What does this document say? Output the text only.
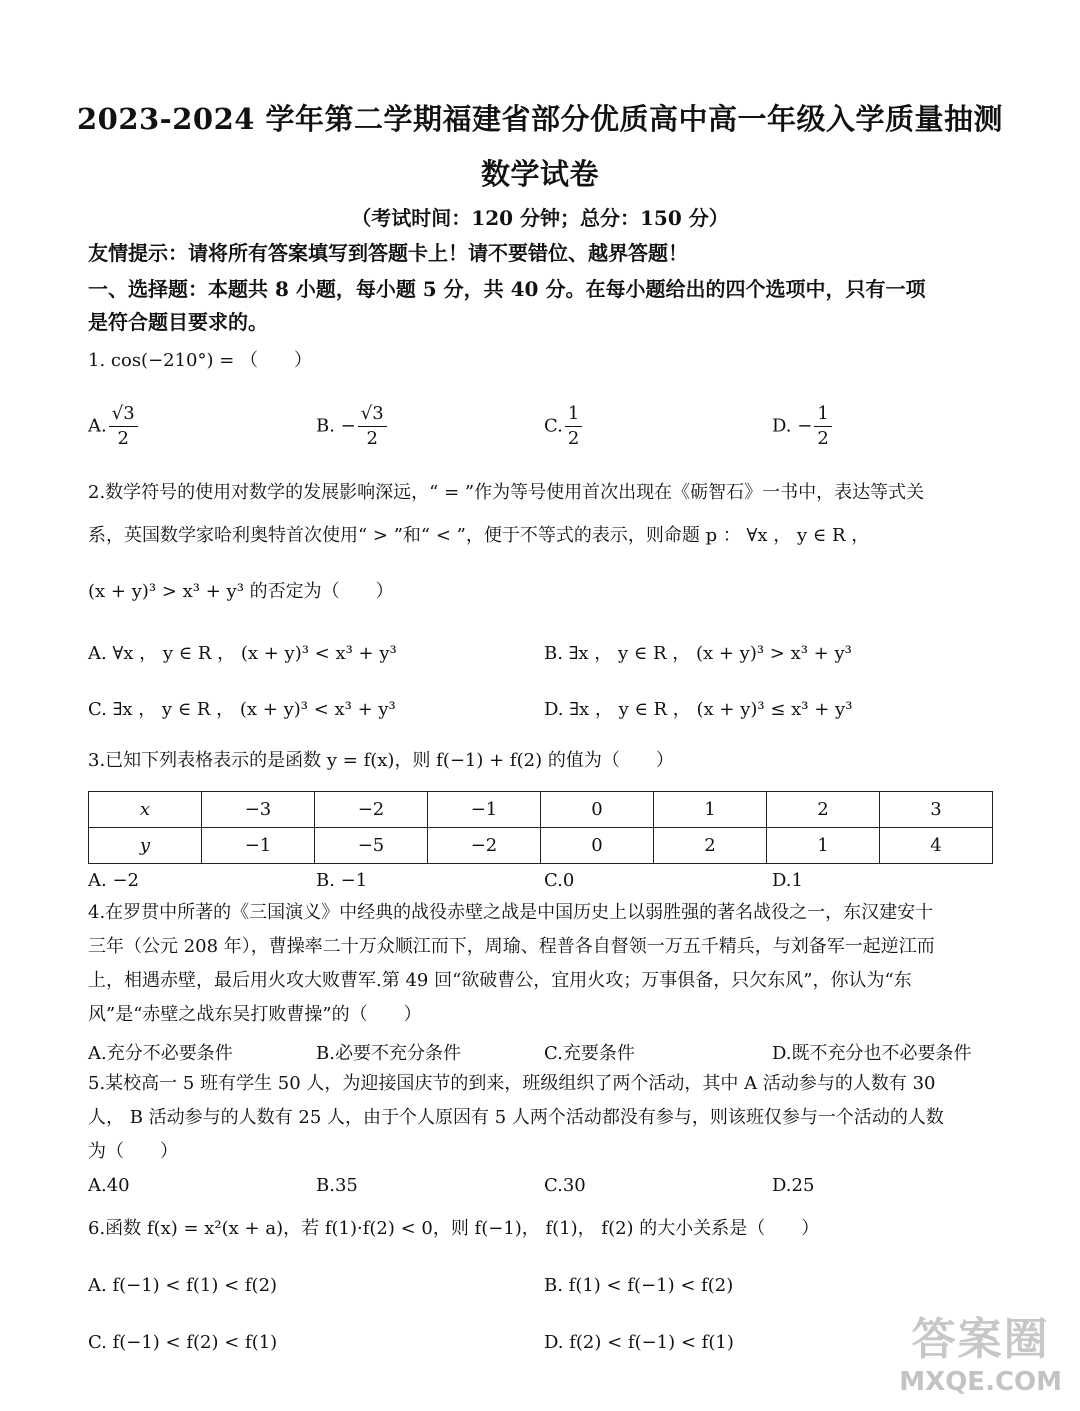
2023-2024 学年第二学期福建省部分优质高中高一年级入学质量抽测
数学试卷
（考试时间：120 分钟；总分：150 分）
友情提示：请将所有答案填写到答题卡上！请不要错位、越界答题！
一、选择题：本题共 8 小题，每小题 5 分，共 40 分。在每小题给出的四个选项中，只有一项
是符合题目要求的。
1. cos(−210°) = （　　）
A. $\frac{√3}{2}$	B. − $\frac{√3}{2}$	C. $\frac{1}{2}$	D. − $\frac{1}{2}$
2.数学符号的使用对数学的发展影响深远，“ = ”作为等号使用首次出现在《砺智石》一书中，表达等式关
系，英国数学家哈利奥特首次使用“ > ”和“ < ”，便于不等式的表示，则命题 p ： ∀x ， y ∈ R ，
(x + y)³ > x³ + y³ 的否定为（　　）
A. ∀x ， y ∈ R ， (x + y)³ < x³ + y³	B. ∃x ， y ∈ R ， (x + y)³ > x³ + y³
C. ∃x ， y ∈ R ， (x + y)³ < x³ + y³	D. ∃x ， y ∈ R ， (x + y)³ ≤ x³ + y³
3.已知下列表格表示的是函数 y = f(x)，则 f(−1) + f(2) 的值为（　　）
x	−3	−2	−1	0	1	2	3
y	−1	−5	−2	0	2	1	4
A. −2	B. −1	C.0	D.1
4.在罗贯中所著的《三国演义》中经典的战役赤壁之战是中国历史上以弱胜强的著名战役之一，东汉建安十
三年（公元 208 年），曹操率二十万众顺江而下，周瑜、程普各自督领一万五千精兵，与刘备军一起逆江而
上，相遇赤壁，最后用火攻大败曹军.第 49 回“欲破曹公，宜用火攻；万事俱备，只欠东风”，你认为“东
风”是“赤壁之战东吴打败曹操”的（　　）
A.充分不必要条件	B.必要不充分条件	C.充要条件	D.既不充分也不必要条件
5.某校高一 5 班有学生 50 人，为迎接国庆节的到来，班级组织了两个活动，其中 A 活动参与的人数有 30
人， B 活动参与的人数有 25 人，由于个人原因有 5 人两个活动都没有参与，则该班仅参与一个活动的人数
为（　　）
A.40	B.35	C.30	D.25
6.函数 f(x) = x²(x + a)，若 f(1)·f(2) < 0，则 f(−1)， f(1)， f(2) 的大小关系是（　　）
A. f(−1) < f(1) < f(2)	B. f(1) < f(−1) < f(2)
C. f(−1) < f(2) < f(1)	D. f(2) < f(−1) < f(1)	答案圈
MXQE.COM
